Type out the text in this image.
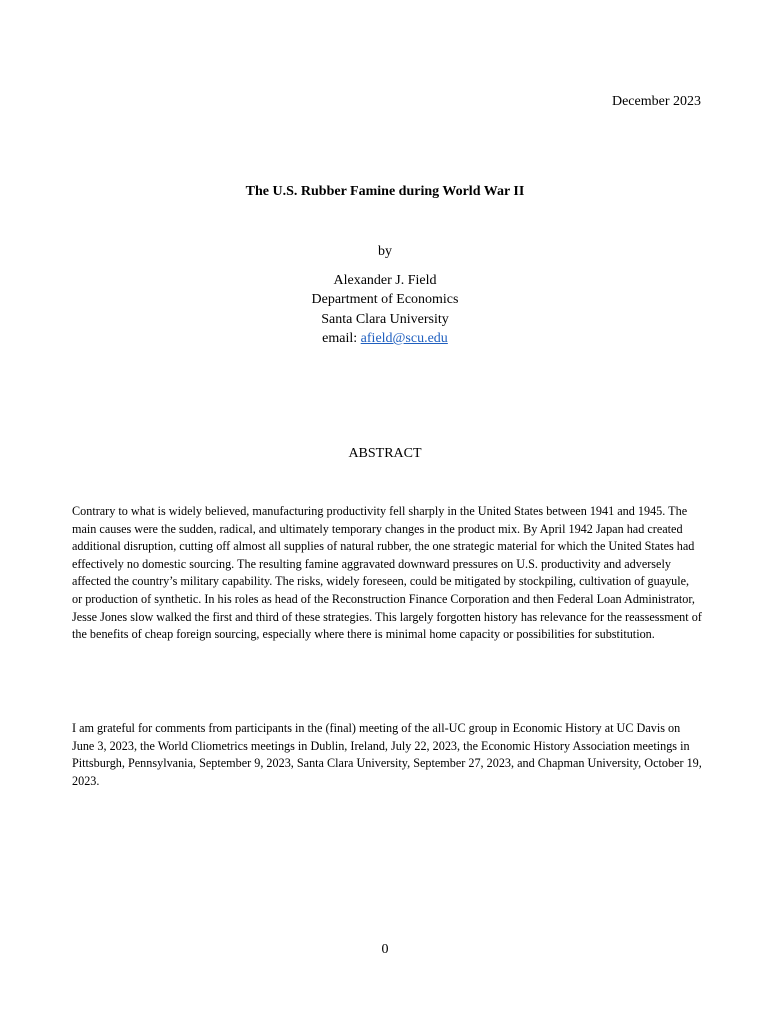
December 2023
The U.S. Rubber Famine during World War II
by
Alexander J. Field
Department of Economics
Santa Clara University
email: afield@scu.edu
ABSTRACT
Contrary to what is widely believed, manufacturing productivity fell sharply in the United States between 1941 and 1945. The main causes were the sudden, radical, and ultimately temporary changes in the product mix. By April 1942 Japan had created additional disruption, cutting off almost all supplies of natural rubber, the one strategic material for which the United States had effectively no domestic sourcing. The resulting famine aggravated downward pressures on U.S. productivity and adversely affected the country’s military capability. The risks, widely foreseen, could be mitigated by stockpiling, cultivation of guayule, or production of synthetic. In his roles as head of the Reconstruction Finance Corporation and then Federal Loan Administrator, Jesse Jones slow walked the first and third of these strategies. This largely forgotten history has relevance for the reassessment of the benefits of cheap foreign sourcing, especially where there is minimal home capacity or possibilities for substitution.
I am grateful for comments from participants in the (final) meeting of the all-UC group in Economic History at UC Davis on June 3, 2023, the World Cliometrics meetings in Dublin, Ireland, July 22, 2023, the Economic History Association meetings in Pittsburgh, Pennsylvania, September 9, 2023, Santa Clara University, September 27, 2023, and Chapman University, October 19, 2023.
0
